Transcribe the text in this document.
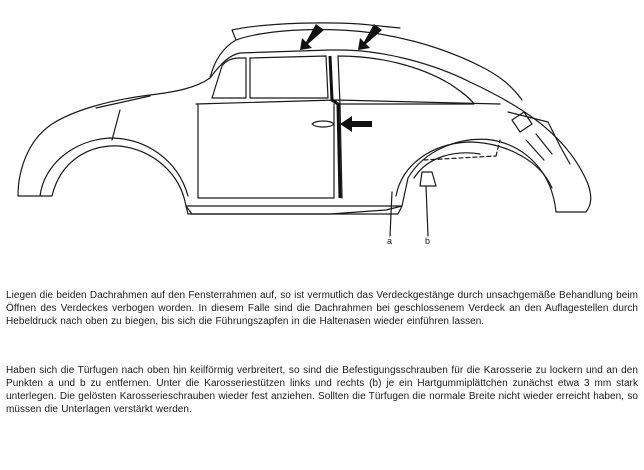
a	b

Liegen die beiden Dachrahmen auf den Fensterrahmen auf, so ist vermutlich das Verdeckgestänge durch unsachgemäße Behandlung beim Öffnen des Verdeckes verbogen worden. In diesem Falle sind die Dachrahmen bei geschlossenem Verdeck an den Auflagestellen durch Hebeldruck nach oben zu biegen, bis sich die Führungszapfen in die Haltenasen wieder einführen lassen.

Haben sich die Türfugen nach oben hin keilförmig verbreitert, so sind die Befestigungsschrauben für die Karosserie zu lockern und an den Punkten a und b zu entfernen. Unter die Karosseriestützen links und rechts (b) je ein Hartgummiplättchen zunächst etwa 3 mm stark unterlegen. Die gelösten Karosserieschrauben wieder fest anziehen. Sollten die Türfugen die normale Breite nicht wieder erreicht haben, so müssen die Unterlagen verstärkt werden.
